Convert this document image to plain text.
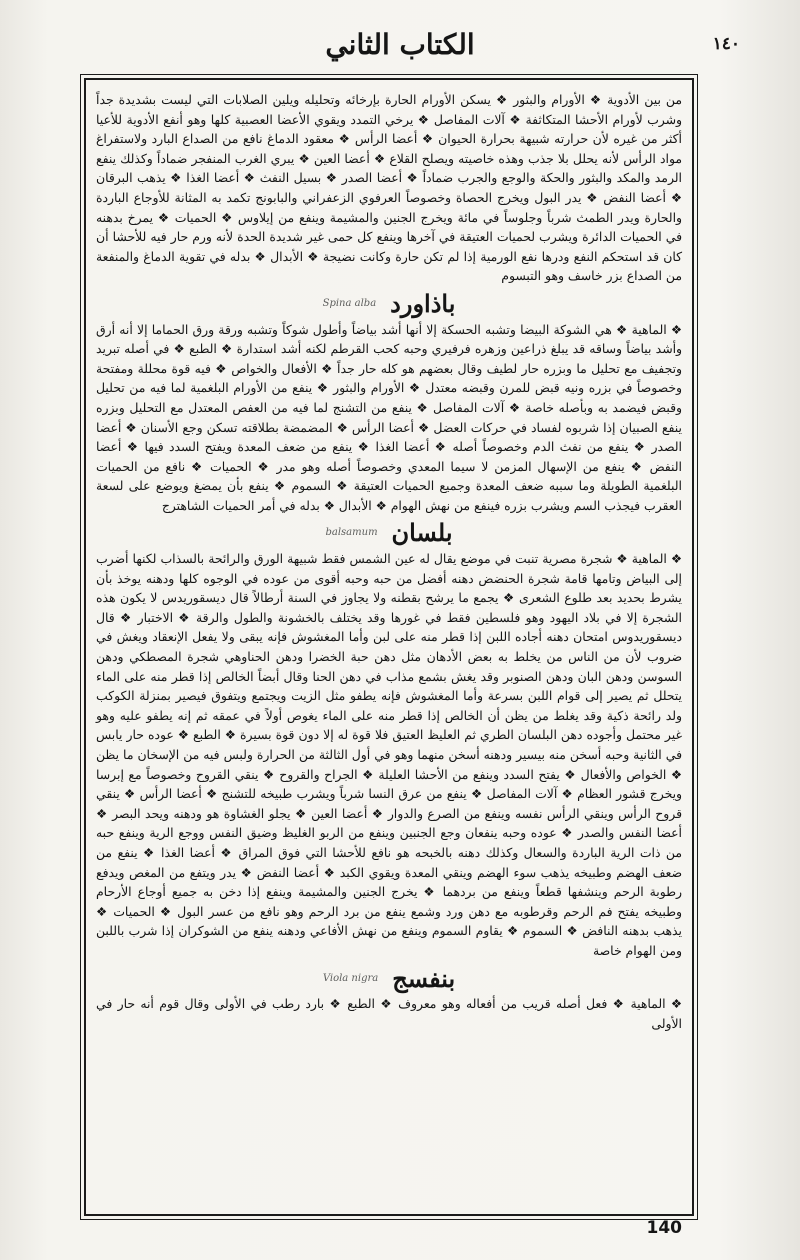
الكتاب الثاني	١٤٠

من بين الأدوية ❖ الأورام والبثور ❖ يسكن الأورام الحارة بإرخائه وتحليله ويلين الصلابات التي ليست بشديدة جداً وشرب لأورام الأحشا المتكاثفة ❖ آلات المفاصل ❖ يرخي التمدد ويقوي الأعضا العصبية كلها وهو أنفع الأدوية للأعيا أكثر من غيره لأن حرارته شبيهة بحرارة الحيوان ❖ أعضا الرأس ❖ معقود الدماغ نافع من الصداع البارد ولاستفراغ مواد الرأس لأنه يحلل بلا جذب وهذه خاصيته ويصلح القلاع ❖ أعضا العين ❖ يبري الغرب المنفجر ضماداً وكذلك ينفع الرمد والمكد والبثور والحكة والوجع والجرب ضماداً ❖ أعضا الصدر ❖ بسيل النفث ❖ أعضا الغذا ❖ يذهب البرقان ❖ أعضا النفض ❖ يدر البول ويخرج الحصاة وخصوصاً العرفوي الزعفراني والبابونج تكمد به المثانة للأوجاع الباردة والحارة ويدر الطمث شرباً وجلوساً في مائة ويخرج الجنين والمشيمة وينفع من إيلاوس ❖ الحميات ❖ يمرخ بدهنه في الحميات الدائرة ويشرب لحميات العتيقة في آخرها وينفع كل حمى غير شديدة الحدة لأنه ورم حار فيه للأحشا أن كان قد استحكم النفع ودرها نفع الورمية إذا لم تكن حارة وكانت نضيجة ❖ الأبدال ❖ بدله في تقوية الدماغ والمنفعة من الصداع بزر خاسف وهو التبسوم

باذاورد
Spina alba

❖ الماهية ❖ هي الشوكة البيضا وتشبه الحسكة إلا أنها أشد بياضاً وأطول شوكاً وتشبه ورقة ورق الحماما إلا أنه أرق وأشد بياضاً وساقه قد يبلغ ذراعين وزهره فرفيري وحبه كحب القرطم لكنه أشد استدارة ❖ الطبع ❖ في أصله تبريد وتجفيف مع تحليل ما وبزره حار لطيف وقال بعضهم هو كله حار جداً ❖ الأفعال والخواص ❖ فيه قوة محللة ومفتحة وخصوصاً في بزره ونيه قبض للمرن وقبضه معتدل ❖ الأورام والبثور ❖ ينفع من الأورام البلغمية لما فيه من تحليل وقبض فيضمد به وبأصله خاصة ❖ آلات المفاصل ❖ ينفع من التشنج لما فيه من العفص المعتدل مع التحليل وبزره ينفع الصبيان إذا شربوه لفساد في حركات العضل ❖ أعضا الرأس ❖ المضمضة بطلاقته تسكن وجع الأسنان ❖ أعضا الصدر ❖ ينفع من نفث الدم وخصوصاً أصله ❖ أعضا الغذا ❖ ينفع من ضعف المعدة ويفتح السدد فيها ❖ أعضا النفض ❖ ينفع من الإسهال المزمن لا سيما المعدي وخصوصاً أصله وهو مدر ❖ الحميات ❖ نافع من الحميات البلغمية الطويلة وما سببه ضعف المعدة وجميع الحميات العتيقة ❖ السموم ❖ ينفع بأن يمضغ ويوضع على لسعة العقرب فيجذب السم ويشرب بزره فينفع من نهش الهوام ❖ الأبدال ❖ بدله في أمر الحميات الشاهترج

بلسان
balsamum

❖ الماهية ❖ شجرة مصرية تنبت في موضع يقال له عين الشمس فقط شبيهة الورق والرائحة بالسذاب لكنها أضرب إلى البياض وتامها قامة شجرة الحنضض دهنه أفضل من حبه وحبه أقوى من عوده في الوجوه كلها ودهنه يوخذ بأن يشرط بحديد بعد طلوع الشعرى ❖ يجمع ما يرشح بقطنه ولا يجاوز في السنة أرطالاً قال ديسقوريدس لا يكون هذه الشجرة إلا في بلاد اليهود وهو فلسطين فقط في غورها وقد يختلف بالخشونة والطول والرقة ❖ الاختبار ❖ قال ديسقوريدوس امتحان دهنه أجاده اللبن إذا قطر منه على لبن وأما المغشوش فإنه يبقى ولا يفعل الإنعقاد ويغش في ضروب لأن من الناس من يخلط به بعض الأدهان مثل دهن حبة الخضرا ودهن الحناوهي شجرة المصطكي ودهن السوسن ودهن البان ودهن الصنوبر وقد يغش بشمع مذاب في دهن الحنا وقال أبضاً الخالص إذا قطر منه على الماء يتحلل ثم يصير إلى قوام اللبن بسرعة وأما المغشوش فإنه يطفو مثل الزيت ويجتمع ويتفوق فيصير بمنزلة الكوكب ولد رائحة ذكية وقد يغلط من يظن أن الخالص إذا قطر منه على الماء يغوص أولاً في عمقه ثم إنه يطفو عليه وهو غير محتمل وأجوده دهن البلسان الطري ثم العليظ العتيق فلا قوة له إلا دون قوة بسيرة ❖ الطبع ❖ عوده حار يابس في الثانية وحبه أسخن منه بيسير ودهنه أسخن منهما وهو في أول الثالثة من الحرارة ولبس فيه من الإسخان ما يظن ❖ الخواص والأفعال ❖ يفتح السدد وينفع من الأحشا العليلة ❖ الجراح والقروح ❖ ينقي القروح وخصوصاً مع إبرسا ويخرج قشور العظام ❖ آلات المفاصل ❖ ينفع من عرق النسا شرباً ويشرب طبيخه للتشنج ❖ أعضا الرأس ❖ ينقي قروح الرأس وينقي الرأس نفسه وينفع من الصرع والدوار ❖ أعضا العين ❖ يجلو الغشاوة هو ودهنه ويحد البصر ❖ أعضا النفس والصدر ❖ عوده وحبه ينفعان وجع الجنبين وينفع من الربو الغليظ وضيق النفس ووجع الرية وينفع حبه من ذات الرية الباردة والسعال وكذلك دهنه بالخبحه هو نافع للأحشا التي فوق المراق ❖ أعضا الغذا ❖ ينفع من ضعف الهضم وطبيخه يذهب سوء الهضم وينقي المعدة ويقوي الكبد ❖ أعضا النفض ❖ يدر ويتفع من المغص ويدفع رطوبة الرحم وينشفها قطعاً وينفع من بردهما ❖ يخرج الجنين والمشيمة وينفع إذا دخن به جميع أوجاع الأرحام وطبيخه يفتح فم الرحم وقرطوبه مع دهن ورد وشمع ينفع من برد الرحم وهو نافع من عسر البول ❖ الحميات ❖ يذهب بدهنه النافض ❖ السموم ❖ يقاوم السموم وينفع من نهش الأفاعي ودهنه ينفع من الشوكران إذا شرب باللبن ومن الهوام خاصة

بنفسج
Viola nigra

❖ الماهية ❖ فعل أصله قريب من أفعاله وهو معروف ❖ الطبع ❖ بارد رطب في الأولى وقال قوم أنه حار في الأولى

140
